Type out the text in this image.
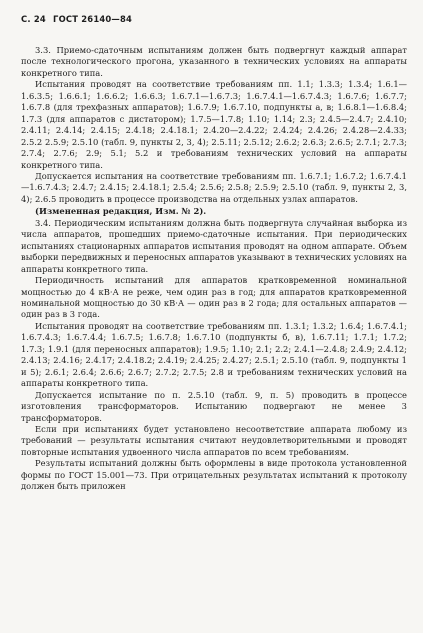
С. 24 ГОСТ 26140—84

3.3. Приемо-сдаточным испытаниям должен быть подвергнут каждый аппарат после технологического прогона, указанного в технических условиях на аппараты конкретного типа.

Испытания проводят на соответствие требованиям пп. 1.1; 1.3.3; 1.3.4; 1.6.1—1.6.3.5; 1.6.6.1; 1.6.6.2; 1.6.6.3; 1.6.7.1—1.6.7.3; 1.6.7.4.1—1.6.7.4.3; 1.6.7.6; 1.6.7.7; 1.6.7.8 (для трехфазных аппаратов); 1.6.7.9; 1.6.7.10, подпункты а, в; 1.6.8.1—1.6.8.4; 1.7.3 (для аппаратов с дистатором); 1.7.5—1.7.8; 1.10; 1.14; 2.3; 2.4.5—2.4.7; 2.4.10; 2.4.11; 2.4.14; 2.4.15; 2.4.18; 2.4.18.1; 2.4.20—2.4.22; 2.4.24; 2.4.26; 2.4.28—2.4.33; 2.5.2 2.5.9; 2.5.10 (табл. 9, пункты 2, 3, 4); 2.5.11; 2.5.12; 2.6.2; 2.6.3; 2.6.5; 2.7.1; 2.7.3; 2.7.4; 2.7.6; 2.9; 5.1; 5.2 и требованиям технических условий на аппараты конкретного типа.

Допускается испытания на соответствие требованиям пп. 1.6.7.1; 1.6.7.2; 1.6.7.4.1—1.6.7.4.3; 2.4.7; 2.4.15; 2.4.18.1; 2.5.4; 2.5.6; 2.5.8; 2.5.9; 2.5.10 (табл. 9, пункты 2, 3, 4); 2.6.5 проводить в процессе производства на отдельных узлах аппаратов.

(Измененная редакция, Изм. № 2).

3.4. Периодическим испытаниям должна быть подвергнута случайная выборка из числа аппаратов, прошедших приемо-сдаточные испытания. При периодических испытаниях стационарных аппаратов испытания проводят на одном аппарате. Объем выборки передвижных и переносных аппаратов указывают в технических условиях на аппараты конкретного типа.

Периодичность испытаний для аппаратов кратковременной номинальной мощностью до 4 кВ·А не реже, чем один раз в год; для аппаратов кратковременной номинальной мощностью до 30 кВ·А — один раз в 2 года; для остальных аппаратов — один раз в 3 года.

Испытания проводят на соответствие требованиям пп. 1.3.1; 1.3.2; 1.6.4; 1.6.7.4.1; 1.6.7.4.3; 1.6.7.4.4; 1.6.7.5; 1.6.7.8; 1.6.7.10 (подпункты б, в), 1.6.7.11; 1.7.1; 1.7.2; 1.7.3; 1.9.1 (для переносных аппаратов); 1.9.5; 1.10; 2.1; 2.2; 2.4.1—2.4.8; 2.4.9; 2.4.12; 2.4.13; 2.4.16; 2.4.17; 2.4.18.2; 2.4.19; 2.4.25; 2.4.27; 2.5.1; 2.5.10 (табл. 9, подпункты 1 и 5); 2.6.1; 2.6.4; 2.6.6; 2.6.7; 2.7.2; 2.7.5; 2.8 и требованиям технических условий на аппараты конкретного типа.

Допускается испытание по п. 2.5.10 (табл. 9, п. 5) проводить в процессе изготовления трансформаторов. Испытанию подвергают не менее 3 трансформаторов.

Если при испытаниях будет установлено несоответствие аппарата любому из требований — результаты испытания считают неудовлетворительными и проводят повторные испытания удвоенного числа аппаратов по всем требованиям.

Результаты испытаний должны быть оформлены в виде протокола установленной формы по ГОСТ 15.001—73. При отрицательных результатах испытаний к протоколу должен быть приложен
